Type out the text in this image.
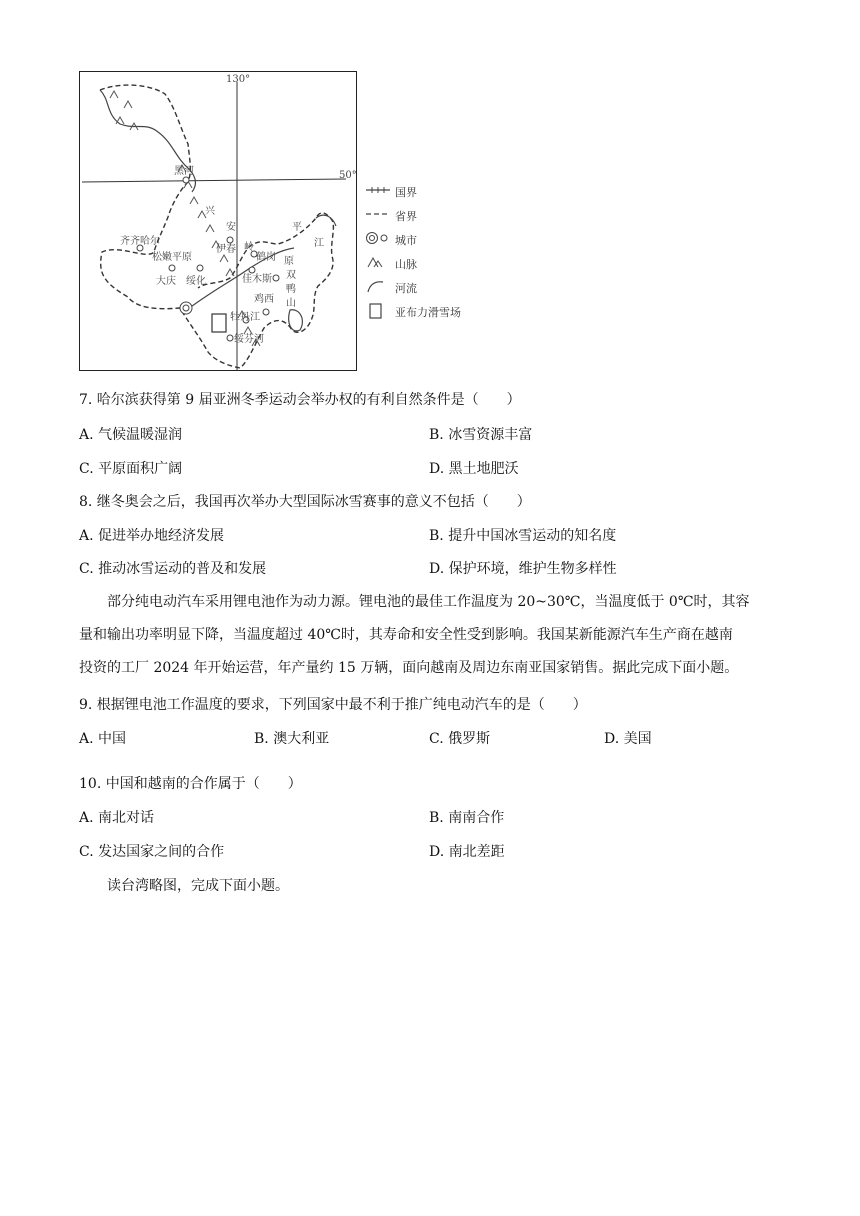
130°
50°
黑河
兴
安
岭
齐齐哈尔
伊春
鹤岗
松嫩平原
佳木斯
大庆 绥化
江
平
原
双
鸭
山
鸡西
牡丹江
绥芬河
国界
省界
城市
山脉
河流
亚布力滑雪场
7. 哈尔滨获得第 9 届亚洲冬季运动会举办权的有利自然条件是（　　）
A. 气候温暖湿润	B. 冰雪资源丰富
C. 平原面积广阔	D. 黑土地肥沃
8. 继冬奥会之后，我国再次举办大型国际冰雪赛事的意义不包括（　　）
A. 促进举办地经济发展	B. 提升中国冰雪运动的知名度
C. 推动冰雪运动的普及和发展	D. 保护环境，维护生物多样性

部分纯电动汽车采用锂电池作为动力源。锂电池的最佳工作温度为 20~30℃，当温度低于 0℃时，其容

量和输出功率明显下降，当温度超过 40℃时，其寿命和安全性受到影响。我国某新能源汽车生产商在越南

投资的工厂 2024 年开始运营，年产量约 15 万辆，面向越南及周边东南亚国家销售。据此完成下面小题。

9. 根据锂电池工作温度的要求，下列国家中最不利于推广纯电动汽车的是（　　）
A. 中国	B. 澳大利亚	C. 俄罗斯	D. 美国
10. 中国和越南的合作属于（　　）
A. 南北对话	B. 南南合作
C. 发达国家之间的合作	D. 南北差距
读台湾略图，完成下面小题。
